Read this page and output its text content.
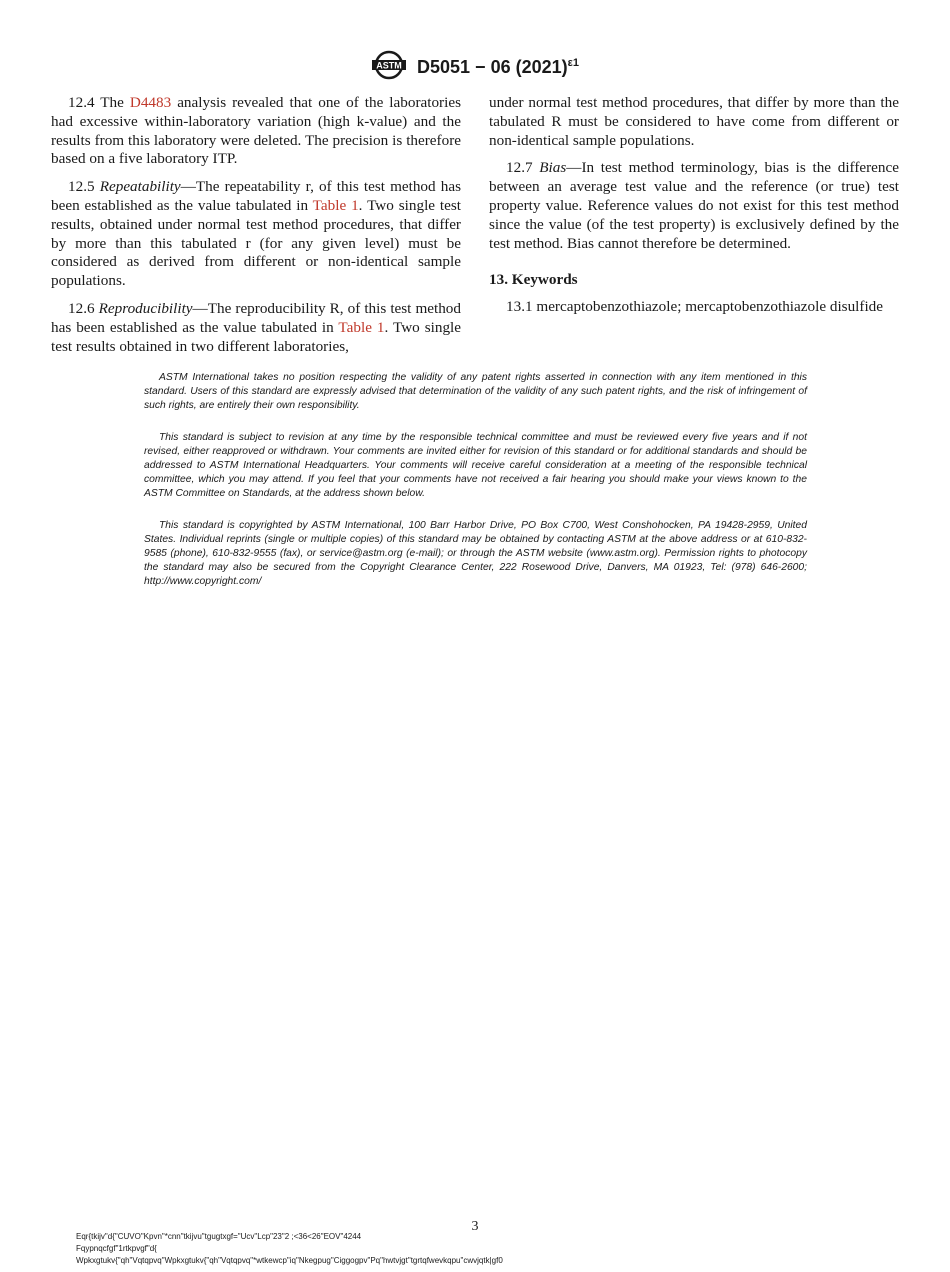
ASTM D5051 − 06 $(2021)^{\varepsilon 1}$

12.4 The D4483 analysis revealed that one of the laboratories had excessive within-laboratory variation (high k-value) and the results from this laboratory were deleted. The precision is therefore based on a five laboratory ITP.

12.5 Repeatability—The repeatability r, of this test method has been established as the value tabulated in Table 1. Two single test results, obtained under normal test method procedures, that differ by more than this tabulated r (for any given level) must be considered as derived from different or non-identical sample populations.

12.6 Reproducibility—The reproducibility R, of this test method has been established as the value tabulated in Table 1. Two single test results obtained in two different laboratories,

under normal test method procedures, that differ by more than the tabulated R must be considered to have come from different or non-identical sample populations.

12.7 Bias—In test method terminology, bias is the difference between an average test value and the reference (or true) test property value. Reference values do not exist for this test method since the value (of the test property) is exclusively defined by the test method. Bias cannot therefore be determined.

13. Keywords

13.1 mercaptobenzothiazole; mercaptobenzothiazole disulfide

ASTM International takes no position respecting the validity of any patent rights asserted in connection with any item mentioned in this standard. Users of this standard are expressly advised that determination of the validity of any such patent rights, and the risk of infringement of such rights, are entirely their own responsibility.

This standard is subject to revision at any time by the responsible technical committee and must be reviewed every five years and if not revised, either reapproved or withdrawn. Your comments are invited either for revision of this standard or for additional standards and should be addressed to ASTM International Headquarters. Your comments will receive careful consideration at a meeting of the responsible technical committee, which you may attend. If you feel that your comments have not received a fair hearing you should make your views known to the ASTM Committee on Standards, at the address shown below.

This standard is copyrighted by ASTM International, 100 Barr Harbor Drive, PO Box C700, West Conshohocken, PA 19428-2959, United States. Individual reprints (single or multiple copies) of this standard may be obtained by contacting ASTM at the above address or at 610-832-9585 (phone), 610-832-9555 (fax), or service@astm.org (e-mail); or through the ASTM website (www.astm.org). Permission rights to photocopy the standard may also be secured from the Copyright Clearance Center, 222 Rosewood Drive, Danvers, MA 01923, Tel: (978) 646-2600; http://www.copyright.com/

3
Eqr{tkijv"d{"CUVO"Kpvn"*cnn"tkijvu"tgugtxgf="Ucv"Lcp"23"2 ;<36<26"EOV"4244
Fqypnqcfgf"1rtkpvgf"d{
Wpkxgtukv{"qh"Vqtqpvq"Wpkxgtukv{"qh"Vqtqpvq"*wtkewcp"iq"Nkegpug"Ciggogpv"Pq"hwtvjgt"tgrtqfwevkqpu"cwvjqtk|gf0
